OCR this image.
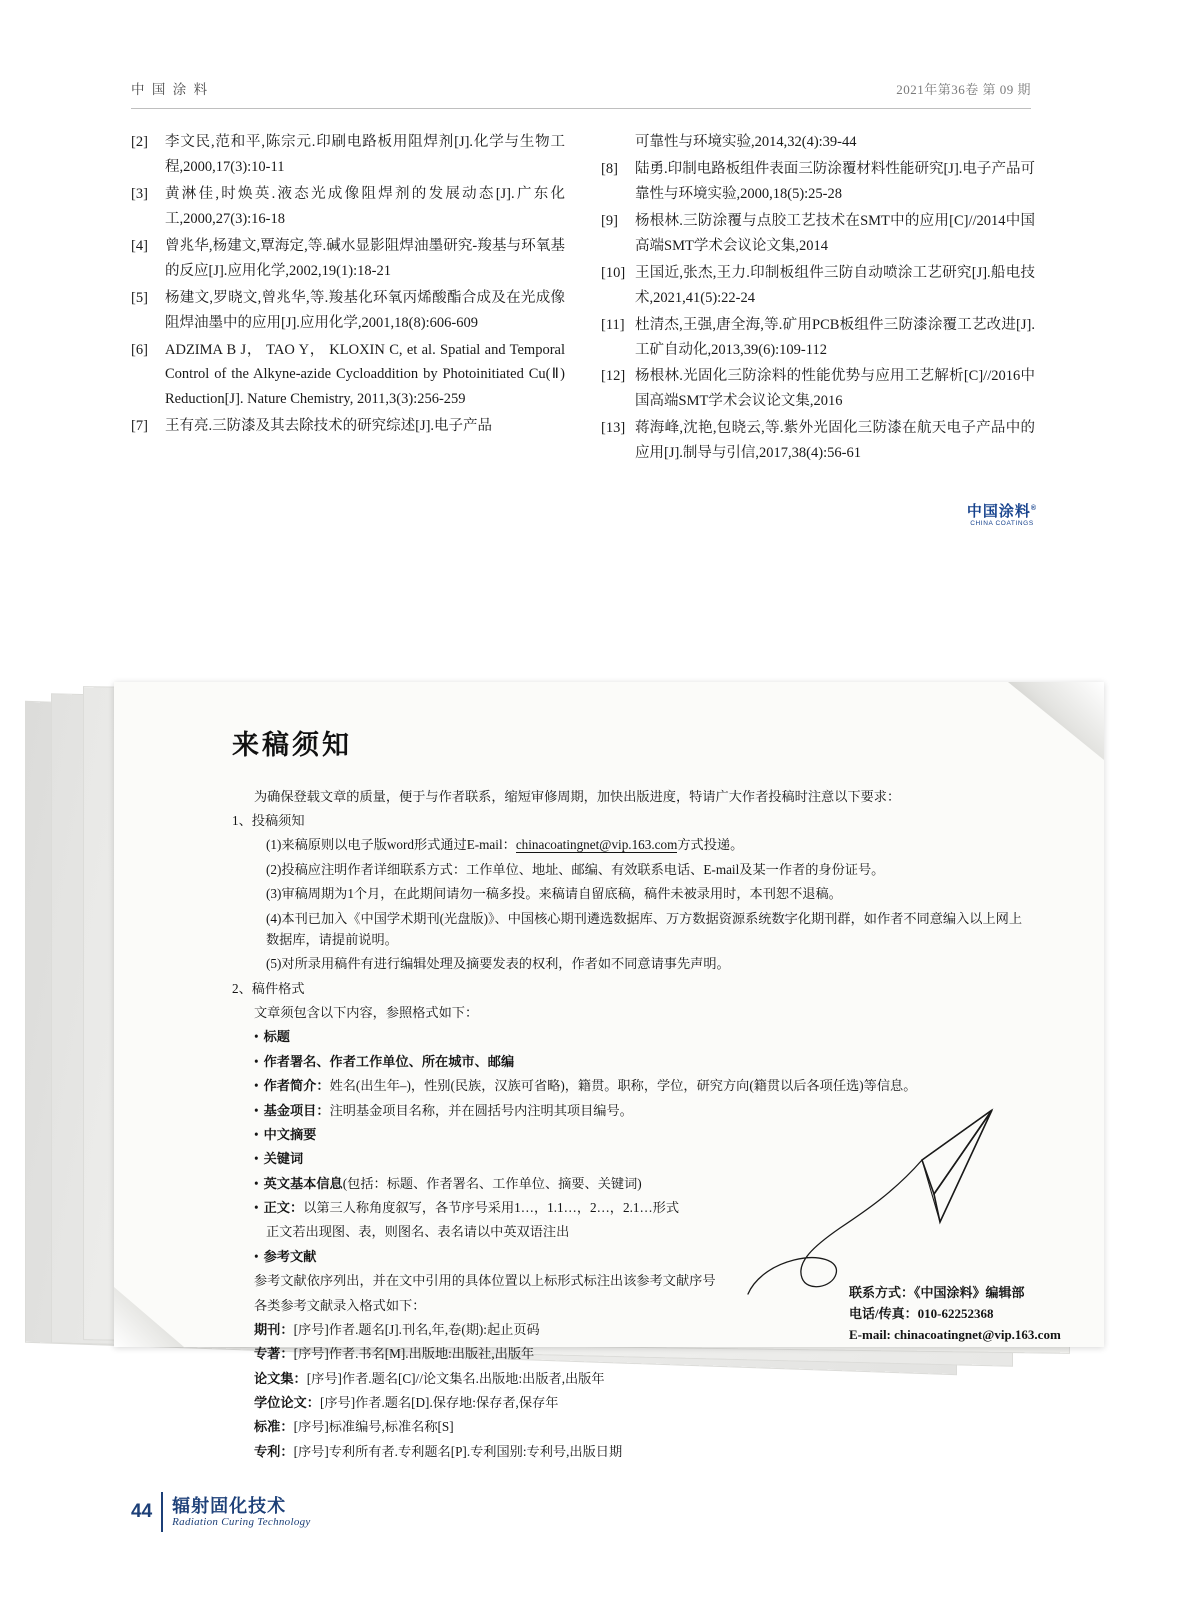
中 国 涂 料	2021年第36卷 第 09 期
[2]	李文民,范和平,陈宗元.印刷电路板用阻焊剂[J].化学与生物工程,2000,17(3):10-11
[3]	黄淋佳,时焕英.液态光成像阻焊剂的发展动态[J].广东化工,2000,27(3):16-18
[4]	曾兆华,杨建文,覃海定,等.碱水显影阻焊油墨研究-羧基与环氧基的反应[J].应用化学,2002,19(1):18-21
[5]	杨建文,罗晓文,曾兆华,等.羧基化环氧丙烯酸酯合成及在光成像阻焊油墨中的应用[J].应用化学,2001,18(8):606-609
[6]	ADZIMA B J， TAO Y， KLOXIN C, et al. Spatial and Temporal Control of the Alkyne-azide Cycloaddition by Photoinitiated Cu(Ⅱ) Reduction[J]. Nature Chemistry, 2011,3(3):256-259
[7]	王有亮.三防漆及其去除技术的研究综述[J].电子产品
可靠性与环境实验,2014,32(4):39-44
[8]	陆勇.印制电路板组件表面三防涂覆材料性能研究[J].电子产品可靠性与环境实验,2000,18(5):25-28
[9]	杨根林.三防涂覆与点胶工艺技术在SMT中的应用[C]//2014中国高端SMT学术会议论文集,2014
[10] 王国近,张杰,王力.印制板组件三防自动喷涂工艺研究[J].船电技术,2021,41(5):22-24
[11] 杜清杰,王强,唐全海,等.矿用PCB板组件三防漆涂覆工艺改进[J].工矿自动化,2013,39(6):109-112
[12] 杨根林.光固化三防涂料的性能优势与应用工艺解析[C]//2016中国高端SMT学术会议论文集,2016
[13] 蒋海峰,沈艳,包晓云,等.紫外光固化三防漆在航天电子产品中的应用[J].制导与引信,2017,38(4):56-61
中国涂料®
CHINA COATINGS
来稿须知

为确保登载文章的质量，便于与作者联系，缩短审修周期，加快出版进度，特请广大作者投稿时注意以下要求：

1、投稿须知

(1)来稿原则以电子版word形式通过E-mail：chinacoatingnet@vip.163.com方式投递。

(2)投稿应注明作者详细联系方式：工作单位、地址、邮编、有效联系电话、E-mail及某一作者的身份证号。

(3)审稿周期为1个月，在此期间请勿一稿多投。来稿请自留底稿，稿件未被录用时，本刊恕不退稿。

(4)本刊已加入《中国学术期刊(光盘版)》、中国核心期刊遴选数据库、万方数据资源系统数字化期刊群，如作者不同意编入以上网上数据库，请提前说明。

(5)对所录用稿件有进行编辑处理及摘要发表的权利，作者如不同意请事先声明。

2、稿件格式

文章须包含以下内容，参照格式如下：

• 标题

• 作者署名、作者工作单位、所在城市、邮编

• 作者简介：姓名(出生年–)，性别(民族，汉族可省略)，籍贯。职称，学位，研究方向(籍贯以后各项任选)等信息。

• 基金项目：注明基金项目名称，并在圆括号内注明其项目编号。

• 中文摘要

• 关键词

• 英文基本信息(包括：标题、作者署名、工作单位、摘要、关键词)

• 正文：以第三人称角度叙写，各节序号采用1…，1.1…，2…，2.1…形式

正文若出现图、表，则图名、表名请以中英双语注出

• 参考文献

参考文献依序列出，并在文中引用的具体位置以上标形式标注出该参考文献序号

各类参考文献录入格式如下：

期刊：[序号]作者.题名[J].刊名,年,卷(期):起止页码

专著：[序号]作者.书名[M].出版地:出版社,出版年

论文集：[序号]作者.题名[C]//论文集名.出版地:出版者,出版年

学位论文：[序号]作者.题名[D].保存地:保存者,保存年

标准：[序号]标准编号,标准名称[S]

专利：[序号]专利所有者.专利题名[P].专利国别:专利号,出版日期

联系方式：《中国涂料》编辑部
电话/传真：010-62252368
E-mail: chinacoatingnet@vip.163.com
44 辐射固化技术
Radiation Curing Technology
